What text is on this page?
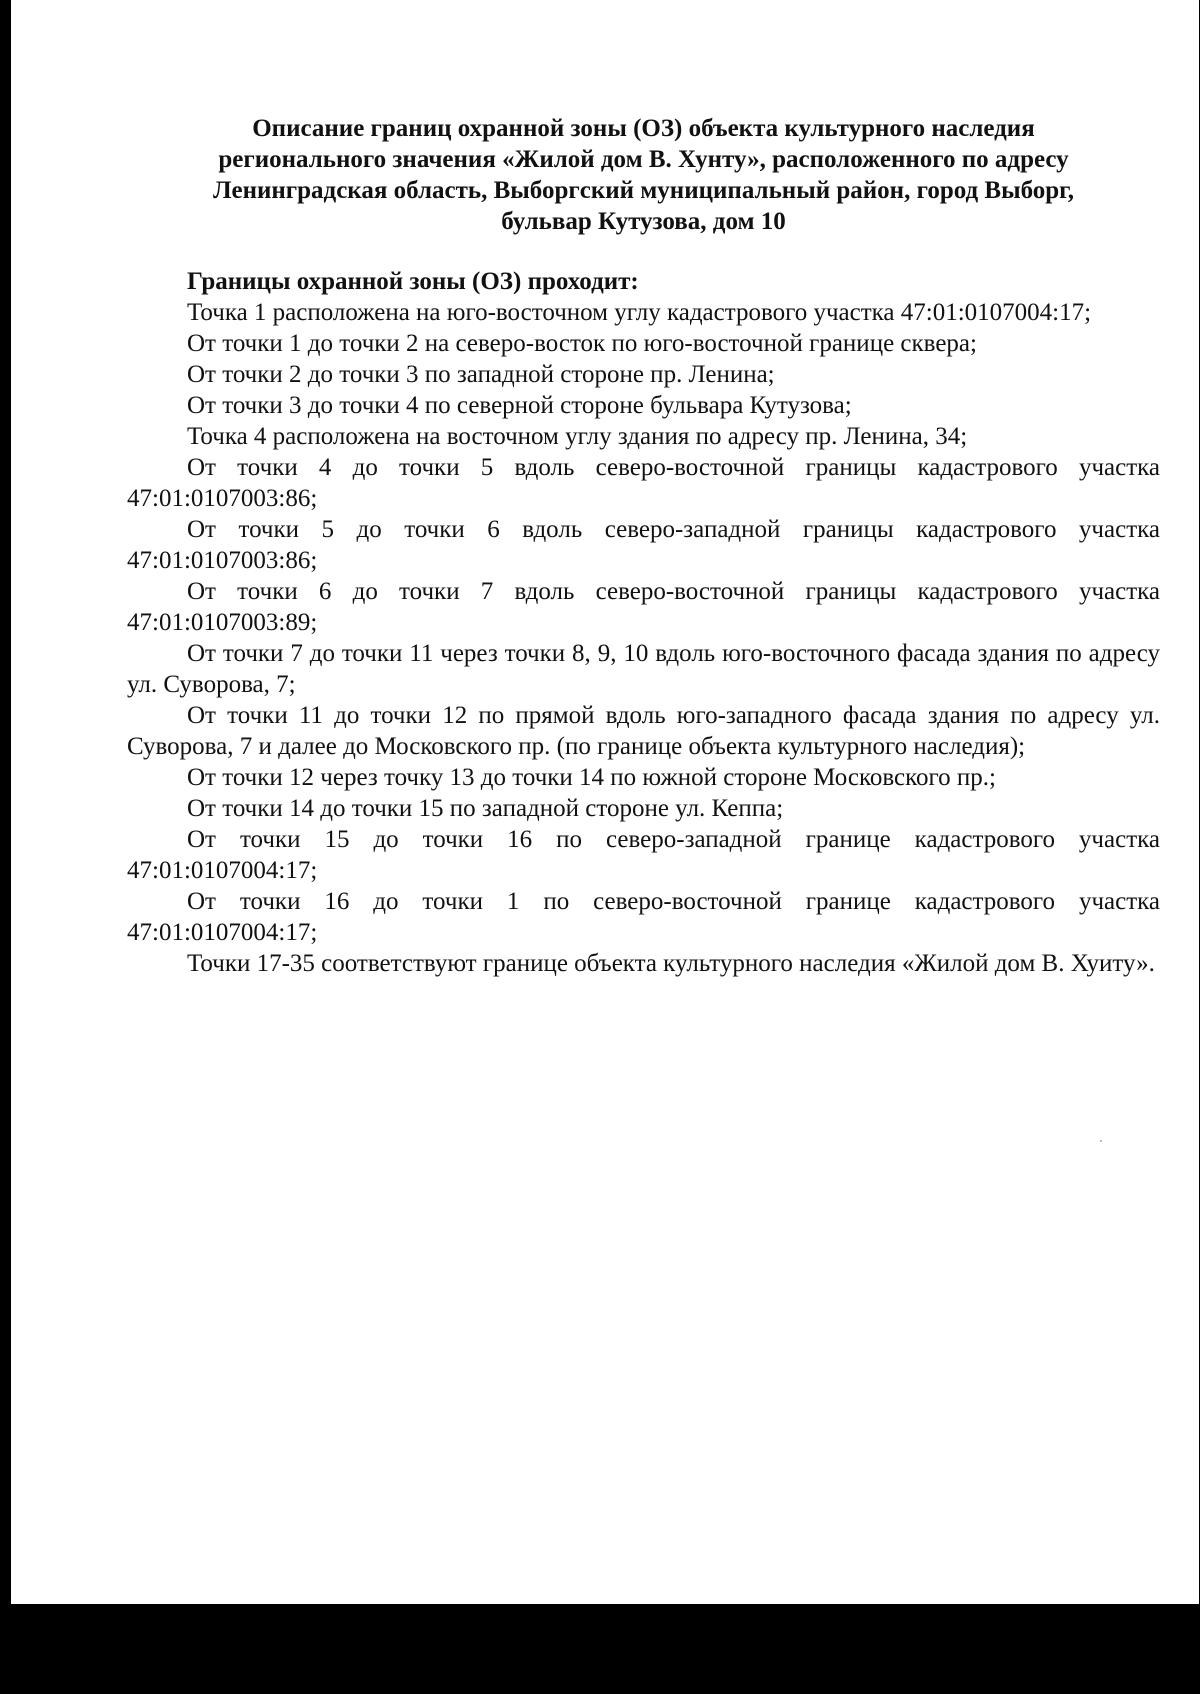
Описание границ охранной зоны (ОЗ) объекта культурного наследия
регионального значения «Жилой дом В. Хунту», расположенного по адресу
Ленинградская область, Выборгский муниципальный район, город Выборг,
бульвар Кутузова, дом 10

Границы охранной зоны (ОЗ) проходит:

Точка 1 расположена на юго-восточном углу кадастрового участка 47:01:0107004:17;

От точки 1 до точки 2 на северо-восток по юго-восточной границе сквера;

От точки 2 до точки 3 по западной стороне пр. Ленина;

От точки 3 до точки 4 по северной стороне бульвара Кутузова;

Точка 4 расположена на восточном углу здания по адресу пр. Ленина, 34;

От точки 4 до точки 5 вдоль северо-восточной границы кадастрового участка 47:01:0107003:86;

От точки 5 до точки 6 вдоль северо-западной границы кадастрового участка 47:01:0107003:86;

От точки 6 до точки 7 вдоль северо-восточной границы кадастрового участка 47:01:0107003:89;

От точки 7 до точки 11 через точки 8, 9, 10 вдоль юго-восточного фасада здания по адресу ул. Суворова, 7;

От точки 11 до точки 12 по прямой вдоль юго-западного фасада здания по адресу ул. Суворова, 7 и далее до Московского пр. (по границе объекта культурного наследия);

От точки 12 через точку 13 до точки 14 по южной стороне Московского пр.;

От точки 14 до точки 15 по западной стороне ул. Кеппа;

От точки 15 до точки 16 по северо-западной границе кадастрового участка 47:01:0107004:17;

От точки 16 до точки 1 по северо-восточной границе кадастрового участка 47:01:0107004:17;

Точки 17-35 соответствуют границе объекта культурного наследия «Жилой дом В. Хуиту».
